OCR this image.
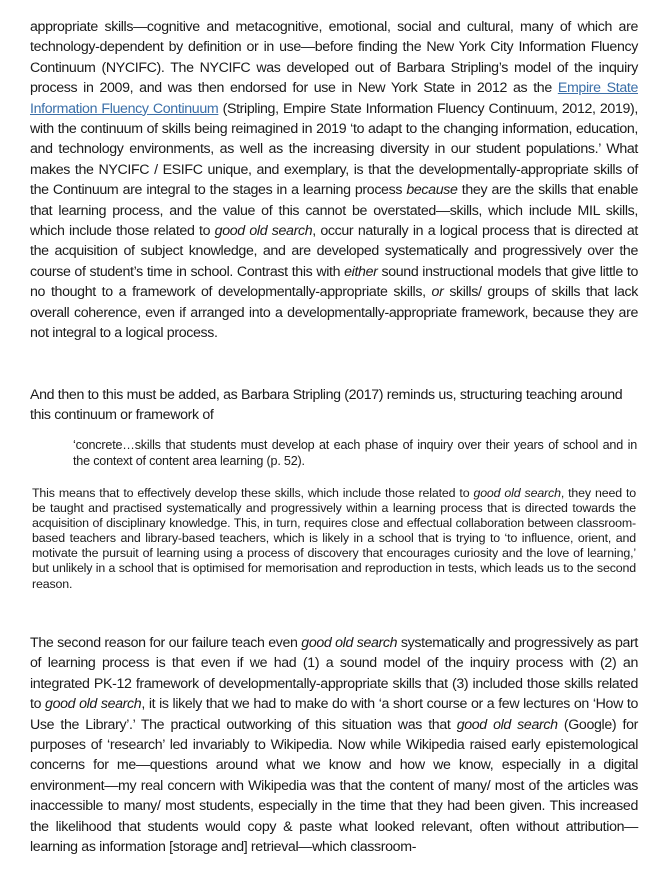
appropriate skills—cognitive and metacognitive, emotional, social and cultural, many of which are technology-dependent by definition or in use—before finding the New York City Information Fluency Continuum (NYCIFC). The NYCIFC was developed out of Barbara Stripling’s model of the inquiry process in 2009, and was then endorsed for use in New York State in 2012 as the Empire State Information Fluency Continuum (Stripling, Empire State Information Fluency Continuum, 2012, 2019), with the continuum of skills being reimagined in 2019 ‘to adapt to the changing information, education, and technology environments, as well as the increasing diversity in our student populations.’ What makes the NYCIFC / ESIFC unique, and exemplary, is that the developmentally-appropriate skills of the Continuum are integral to the stages in a learning process because they are the skills that enable that learning process, and the value of this cannot be overstated—skills, which include MIL skills, which include those related to good old search, occur naturally in a logical process that is directed at the acquisition of subject knowledge, and are developed systematically and progressively over the course of student’s time in school. Contrast this with either sound instructional models that give little to no thought to a framework of developmentally-appropriate skills, or skills/ groups of skills that lack overall coherence, even if arranged into a developmentally-appropriate framework, because they are not integral to a logical process.

And then to this must be added, as Barbara Stripling (2017) reminds us, structuring teaching around this continuum or framework of

‘concrete…skills that students must develop at each phase of inquiry over their years of school and in the context of content area learning (p. 52).

This means that to effectively develop these skills, which include those related to good old search, they need to be taught and practised systematically and progressively within a learning process that is directed towards the acquisition of disciplinary knowledge. This, in turn, requires close and effectual collaboration between classroom-based teachers and library-based teachers, which is likely in a school that is trying to ‘to influence, orient, and motivate the pursuit of learning using a process of discovery that encourages curiosity and the love of learning,’ but unlikely in a school that is optimised for memorisation and reproduction in tests, which leads us to the second reason.

The second reason for our failure teach even good old search systematically and progressively as part of learning process is that even if we had (1) a sound model of the inquiry process with (2) an integrated PK-12 framework of developmentally-appropriate skills that (3) included those skills related to good old search, it is likely that we had to make do with ‘a short course or a few lectures on ‘How to Use the Library’.’ The practical outworking of this situation was that good old search (Google) for purposes of ‘research’ led invariably to Wikipedia. Now while Wikipedia raised early epistemological concerns for me—questions around what we know and how we know, especially in a digital environment—my real concern with Wikipedia was that the content of many/ most of the articles was inaccessible to many/ most students, especially in the time that they had been given. This increased the likelihood that students would copy & paste what looked relevant, often without attribution—learning as information [storage and] retrieval—which classroom-
